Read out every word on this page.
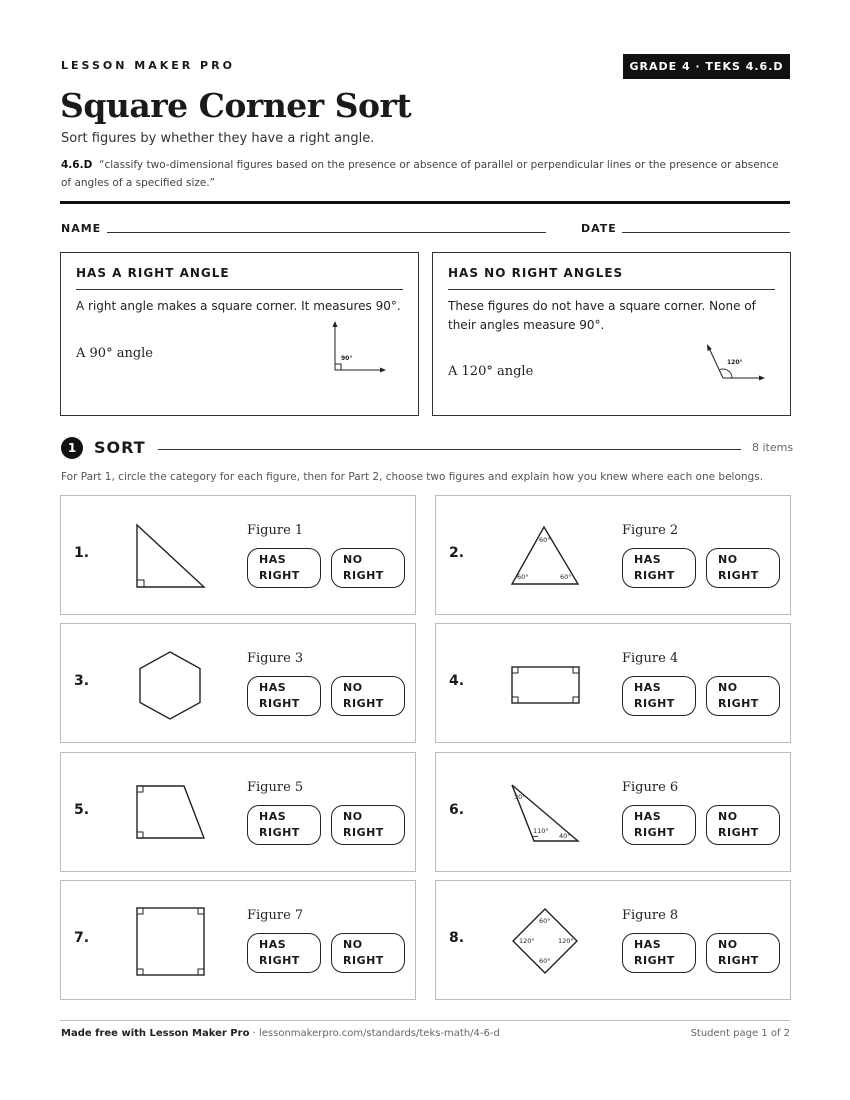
LESSON MAKER PRO	GRADE 4 · TEKS 4.6.D
Square Corner Sort
Sort figures by whether they have a right angle.
4.6.D “classify two-dimensional figures based on the presence or absence of parallel or perpendicular lines or the presence or absence of angles of a specified size.”
NAME	DATE
HAS A RIGHT ANGLE
A right angle makes a square corner. It measures 90°.
A 90° angle	90°
HAS NO RIGHT ANGLES
These figures do not have a square corner. None of their angles measure 90°.
A 120° angle
120°
1	SORT	8 items
For Part 1, circle the category for each figure, then for Part 2, choose two figures and explain how you knew where each one belongs.
1.
Figure 1
HAS
RIGHT
NO
RIGHT
2.
60°
60°	60°
Figure 2
HAS
RIGHT
NO
RIGHT
3.
Figure 3
HAS
RIGHT
NO
RIGHT
4.
Figure 4
HAS
RIGHT
NO
RIGHT
5.
Figure 5
HAS
RIGHT
NO
RIGHT
6.
30°
110°
40°
Figure 6
HAS
RIGHT
NO
RIGHT
7.
Figure 7
HAS
RIGHT
NO
RIGHT
8.
60°
120°	120°
60°
Figure 8
HAS
RIGHT
NO
RIGHT
Made free with Lesson Maker Pro · lessonmakerpro.com/standards/teks-math/4-6-d	Student page 1 of 2
